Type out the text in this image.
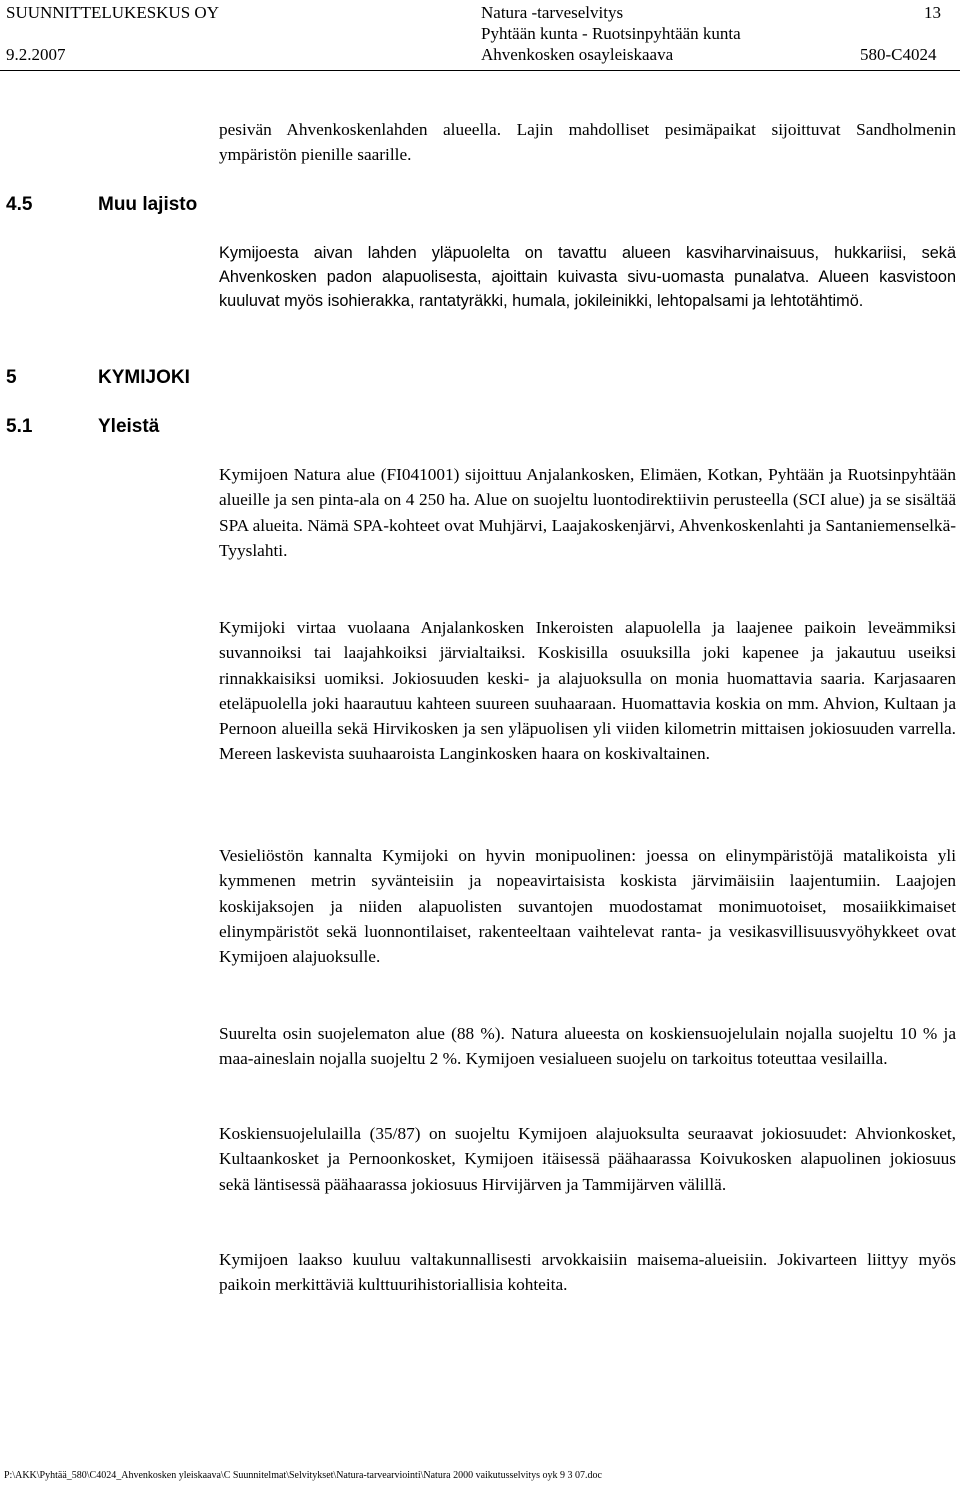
SUUNNITTELUKESKUS OY
9.2.2007
Natura -tarveselvitys
Pyhtään kunta - Ruotsinpyhtään kunta
Ahvenkosken osayleiskaava
13
580-C4024

pesivän Ahvenkoskenlahden alueella. Lajin mahdolliset pesimäpaikat sijoittuvat Sandholmenin ympäristön pienille saarille.

4.5	Muu lajisto

Kymijoesta aivan lahden yläpuolelta on tavattu alueen kasviharvinaisuus, hukkariisi, sekä Ahvenkosken padon alapuolisesta, ajoittain kuivasta sivu-uomasta punalatva. Alueen kasvistoon kuuluvat myös isohierakka, rantatyräkki, humala, jokileinikki, lehtopalsami ja lehtotähtimö.

5	KYMIJOKI
5.1	Yleistä

Kymijoen Natura alue (FI041001) sijoittuu Anjalankosken, Elimäen, Kotkan, Pyhtään ja Ruotsinpyhtään alueille ja sen pinta-ala on 4 250 ha. Alue on suojeltu luontodirektiivin perusteella (SCI alue) ja se sisältää SPA alueita. Nämä SPA-kohteet ovat Muhjärvi, Laajakoskenjärvi, Ahvenkoskenlahti ja Santaniemenselkä-Tyyslahti.

Kymijoki virtaa vuolaana Anjalankosken Inkeroisten alapuolella ja laajenee paikoin leveämmiksi suvannoiksi tai laajahkoiksi järvialtaiksi. Koskisilla osuuksilla joki kapenee ja jakautuu useiksi rinnakkaisiksi uomiksi. Jokiosuuden keski- ja alajuoksulla on monia huomattavia saaria. Karjasaaren eteläpuolella joki haarautuu kahteen suureen suuhaaraan. Huomattavia koskia on mm. Ahvion, Kultaan ja Pernoon alueilla sekä Hirvikosken ja sen yläpuolisen yli viiden kilometrin mittaisen jokiosuuden varrella. Mereen laskevista suuhaaroista Langinkosken haara on koskivaltainen.

Vesieliöstön kannalta Kymijoki on hyvin monipuolinen: joessa on elinympäristöjä matalikoista yli kymmenen metrin syvänteisiin ja nopeavirtaisista koskista järvimäisiin laajentumiin. Laajojen koskijaksojen ja niiden alapuolisten suvantojen muodostamat monimuotoiset, mosaiikkimaiset elinympäristöt sekä luonnontilaiset, rakenteeltaan vaihtelevat ranta- ja vesikasvillisuusvyöhykkeet ovat Kymijoen alajuoksulle.

Suurelta osin suojelematon alue (88 %). Natura alueesta on koskiensuojelulain nojalla suojeltu 10 % ja maa-aineslain nojalla suojeltu 2 %. Kymijoen vesialueen suojelu on tarkoitus toteuttaa vesilailla.

Koskiensuojelulailla (35/87) on suojeltu Kymijoen alajuoksulta seuraavat jokiosuudet: Ahvionkosket, Kultaankosket ja Pernoonkosket, Kymijoen itäisessä päähaarassa Koivukosken alapuolinen jokiosuus sekä läntisessä päähaarassa jokiosuus Hirvijärven ja Tammijärven välillä.

Kymijoen laakso kuuluu valtakunnallisesti arvokkaisiin maisema-alueisiin. Jokivarteen liittyy myös paikoin merkittäviä kulttuurihistoriallisia kohteita.

P:\AKK\Pyhtää_580\C4024_Ahvenkosken yleiskaava\C Suunnitelmat\Selvitykset\Natura-tarvearviointi\Natura 2000 vaikutusselvitys oyk 9 3 07.doc
